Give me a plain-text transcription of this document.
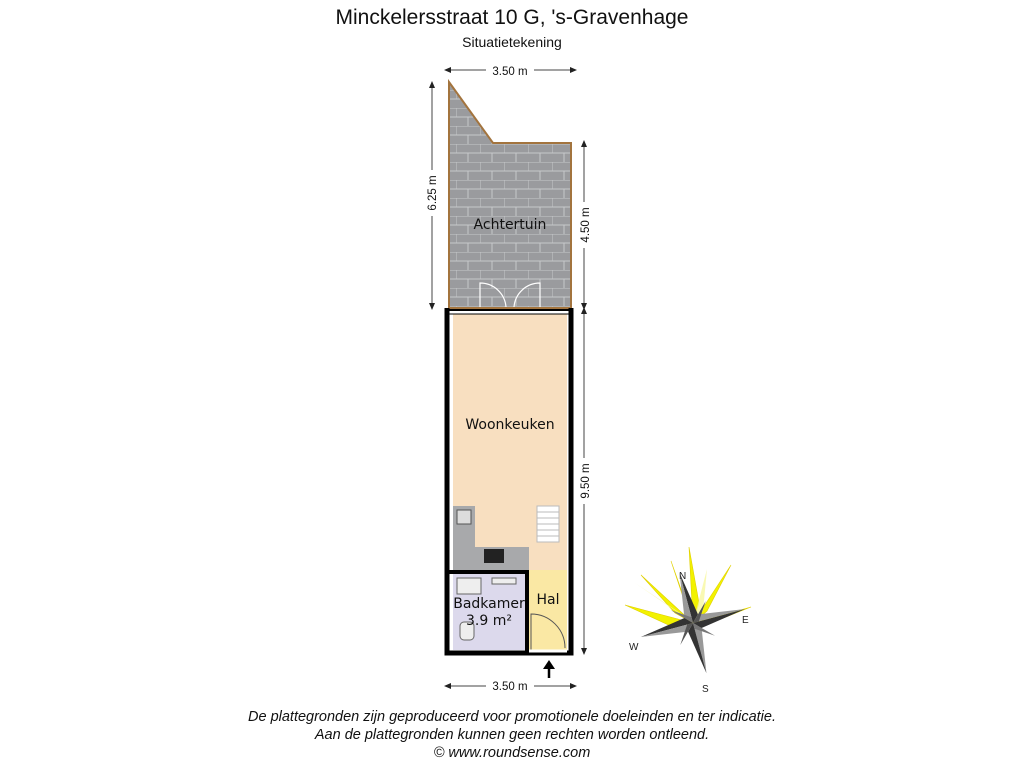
Minckelersstraat 10 G, 's-Gravenhage
Situatietekening
3.50 m
3.50 m
6.25 m
4.50 m
9.50 m
Achtertuin
Woonkeuken
Badkamer
3.9 m²
Hal
N
E
S
W
De plattegronden zijn geproduceerd voor promotionele doeleinden en ter indicatie.
Aan de plattegronden kunnen geen rechten worden ontleend.
© www.roundsense.com
